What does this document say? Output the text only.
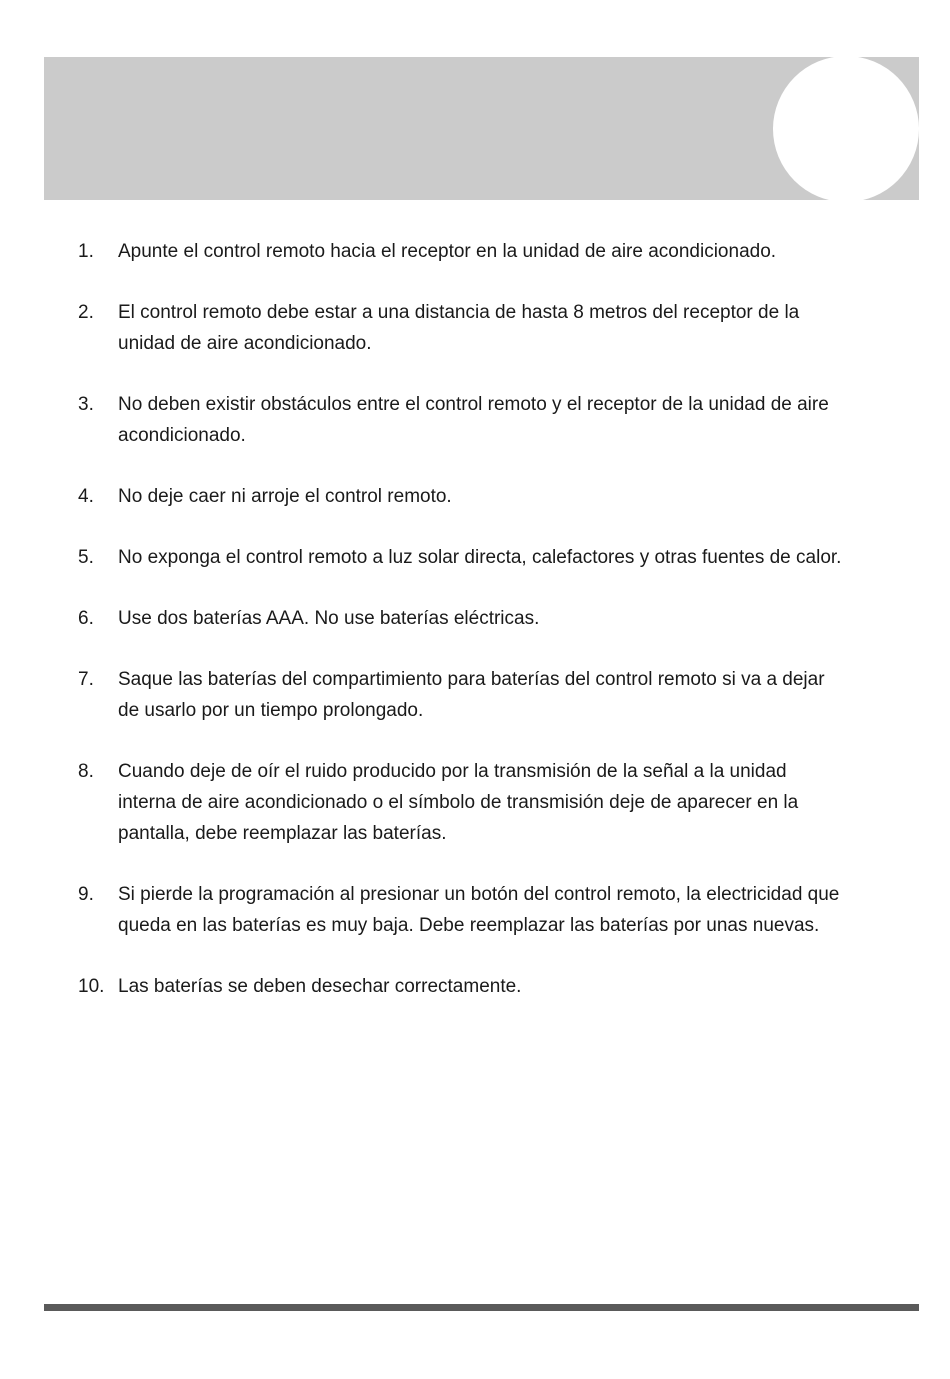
1.	Apunte el control remoto hacia el receptor en la unidad de aire acondicionado.
2.	El control remoto debe estar a una distancia de hasta 8 metros del receptor de la unidad de aire acondicionado.
3.	No deben existir obstáculos entre el control remoto y el receptor de la unidad de aire acondicionado.
4.	No deje caer ni arroje el control remoto.
5.	No exponga el control remoto a luz solar directa, calefactores y otras fuentes de calor.
6.	Use dos baterías AAA. No use baterías eléctricas.
7.	Saque las baterías del compartimiento para baterías del control remoto si va a dejar de usarlo por un tiempo prolongado.
8.	Cuando deje de oír el ruido producido por la transmisión de la señal a la unidad interna de aire acondicionado o el símbolo de transmisión deje de aparecer en la pantalla, debe reemplazar las baterías.
9.	Si pierde la programación al presionar un botón del control remoto, la electricidad que queda en las baterías es muy baja. Debe reemplazar las baterías por unas nuevas.
10. Las baterías se deben desechar correctamente.
